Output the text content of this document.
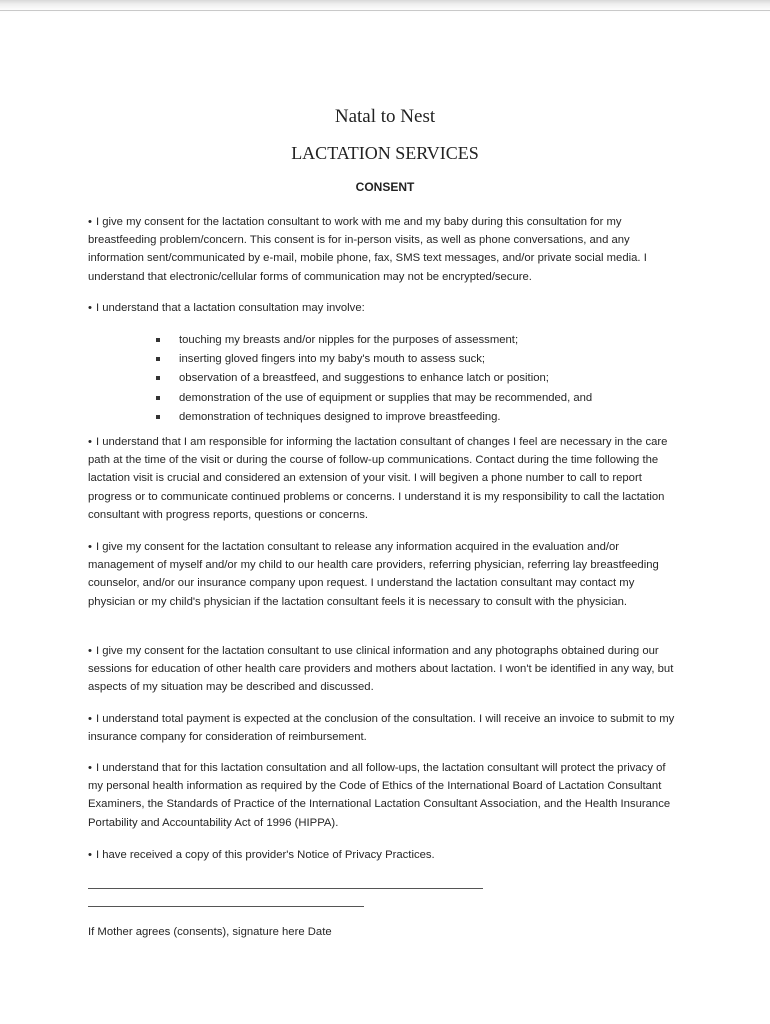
Natal to Nest
LACTATION SERVICES
CONSENT
• I give my consent for the lactation consultant to work with me and my baby during this consultation for my breastfeeding problem/concern. This consent is for in-person visits, as well as phone conversations, and any information sent/communicated by e-mail, mobile phone, fax, SMS text messages, and/or private social media. I understand that electronic/cellular forms of communication may not be encrypted/secure.
• I understand that a lactation consultation may involve:
touching my breasts and/or nipples for the purposes of assessment;
inserting gloved fingers into my baby's mouth to assess suck;
observation of a breastfeed, and suggestions to enhance latch or position;
demonstration of the use of equipment or supplies that may be recommended, and
demonstration of techniques designed to improve breastfeeding.
• I understand that I am responsible for informing the lactation consultant of changes I feel are necessary in the care path at the time of the visit or during the course of follow-up communications. Contact during the time following the lactation visit is crucial and considered an extension of your visit. I will begiven a phone number to call to report progress or to communicate continued problems or concerns. I understand it is my responsibility to call the lactation consultant with progress reports, questions or concerns.
• I give my consent for the lactation consultant to release any information acquired in the evaluation and/or management of myself and/or my child to our health care providers, referring physician, referring lay breastfeeding counselor, and/or our insurance company upon request. I understand the lactation consultant may contact my physician or my child's physician if the lactation consultant feels it is necessary to consult with the physician.
• I give my consent for the lactation consultant to use clinical information and any photographs obtained during our sessions for education of other health care providers and mothers about lactation. I won't be identified in any way, but aspects of my situation may be described and discussed.
• I understand total payment is expected at the conclusion of the consultation. I will receive an invoice to submit to my insurance company for consideration of reimbursement.
• I understand that for this lactation consultation and all follow-ups, the lactation consultant will protect the privacy of my personal health information as required by the Code of Ethics of the International Board of Lactation Consultant Examiners, the Standards of Practice of the International Lactation Consultant Association, and the Health Insurance Portability and Accountability Act of 1996 (HIPPA).
• I have received a copy of this provider's Notice of Privacy Practices.
If Mother agrees (consents), signature here Date
